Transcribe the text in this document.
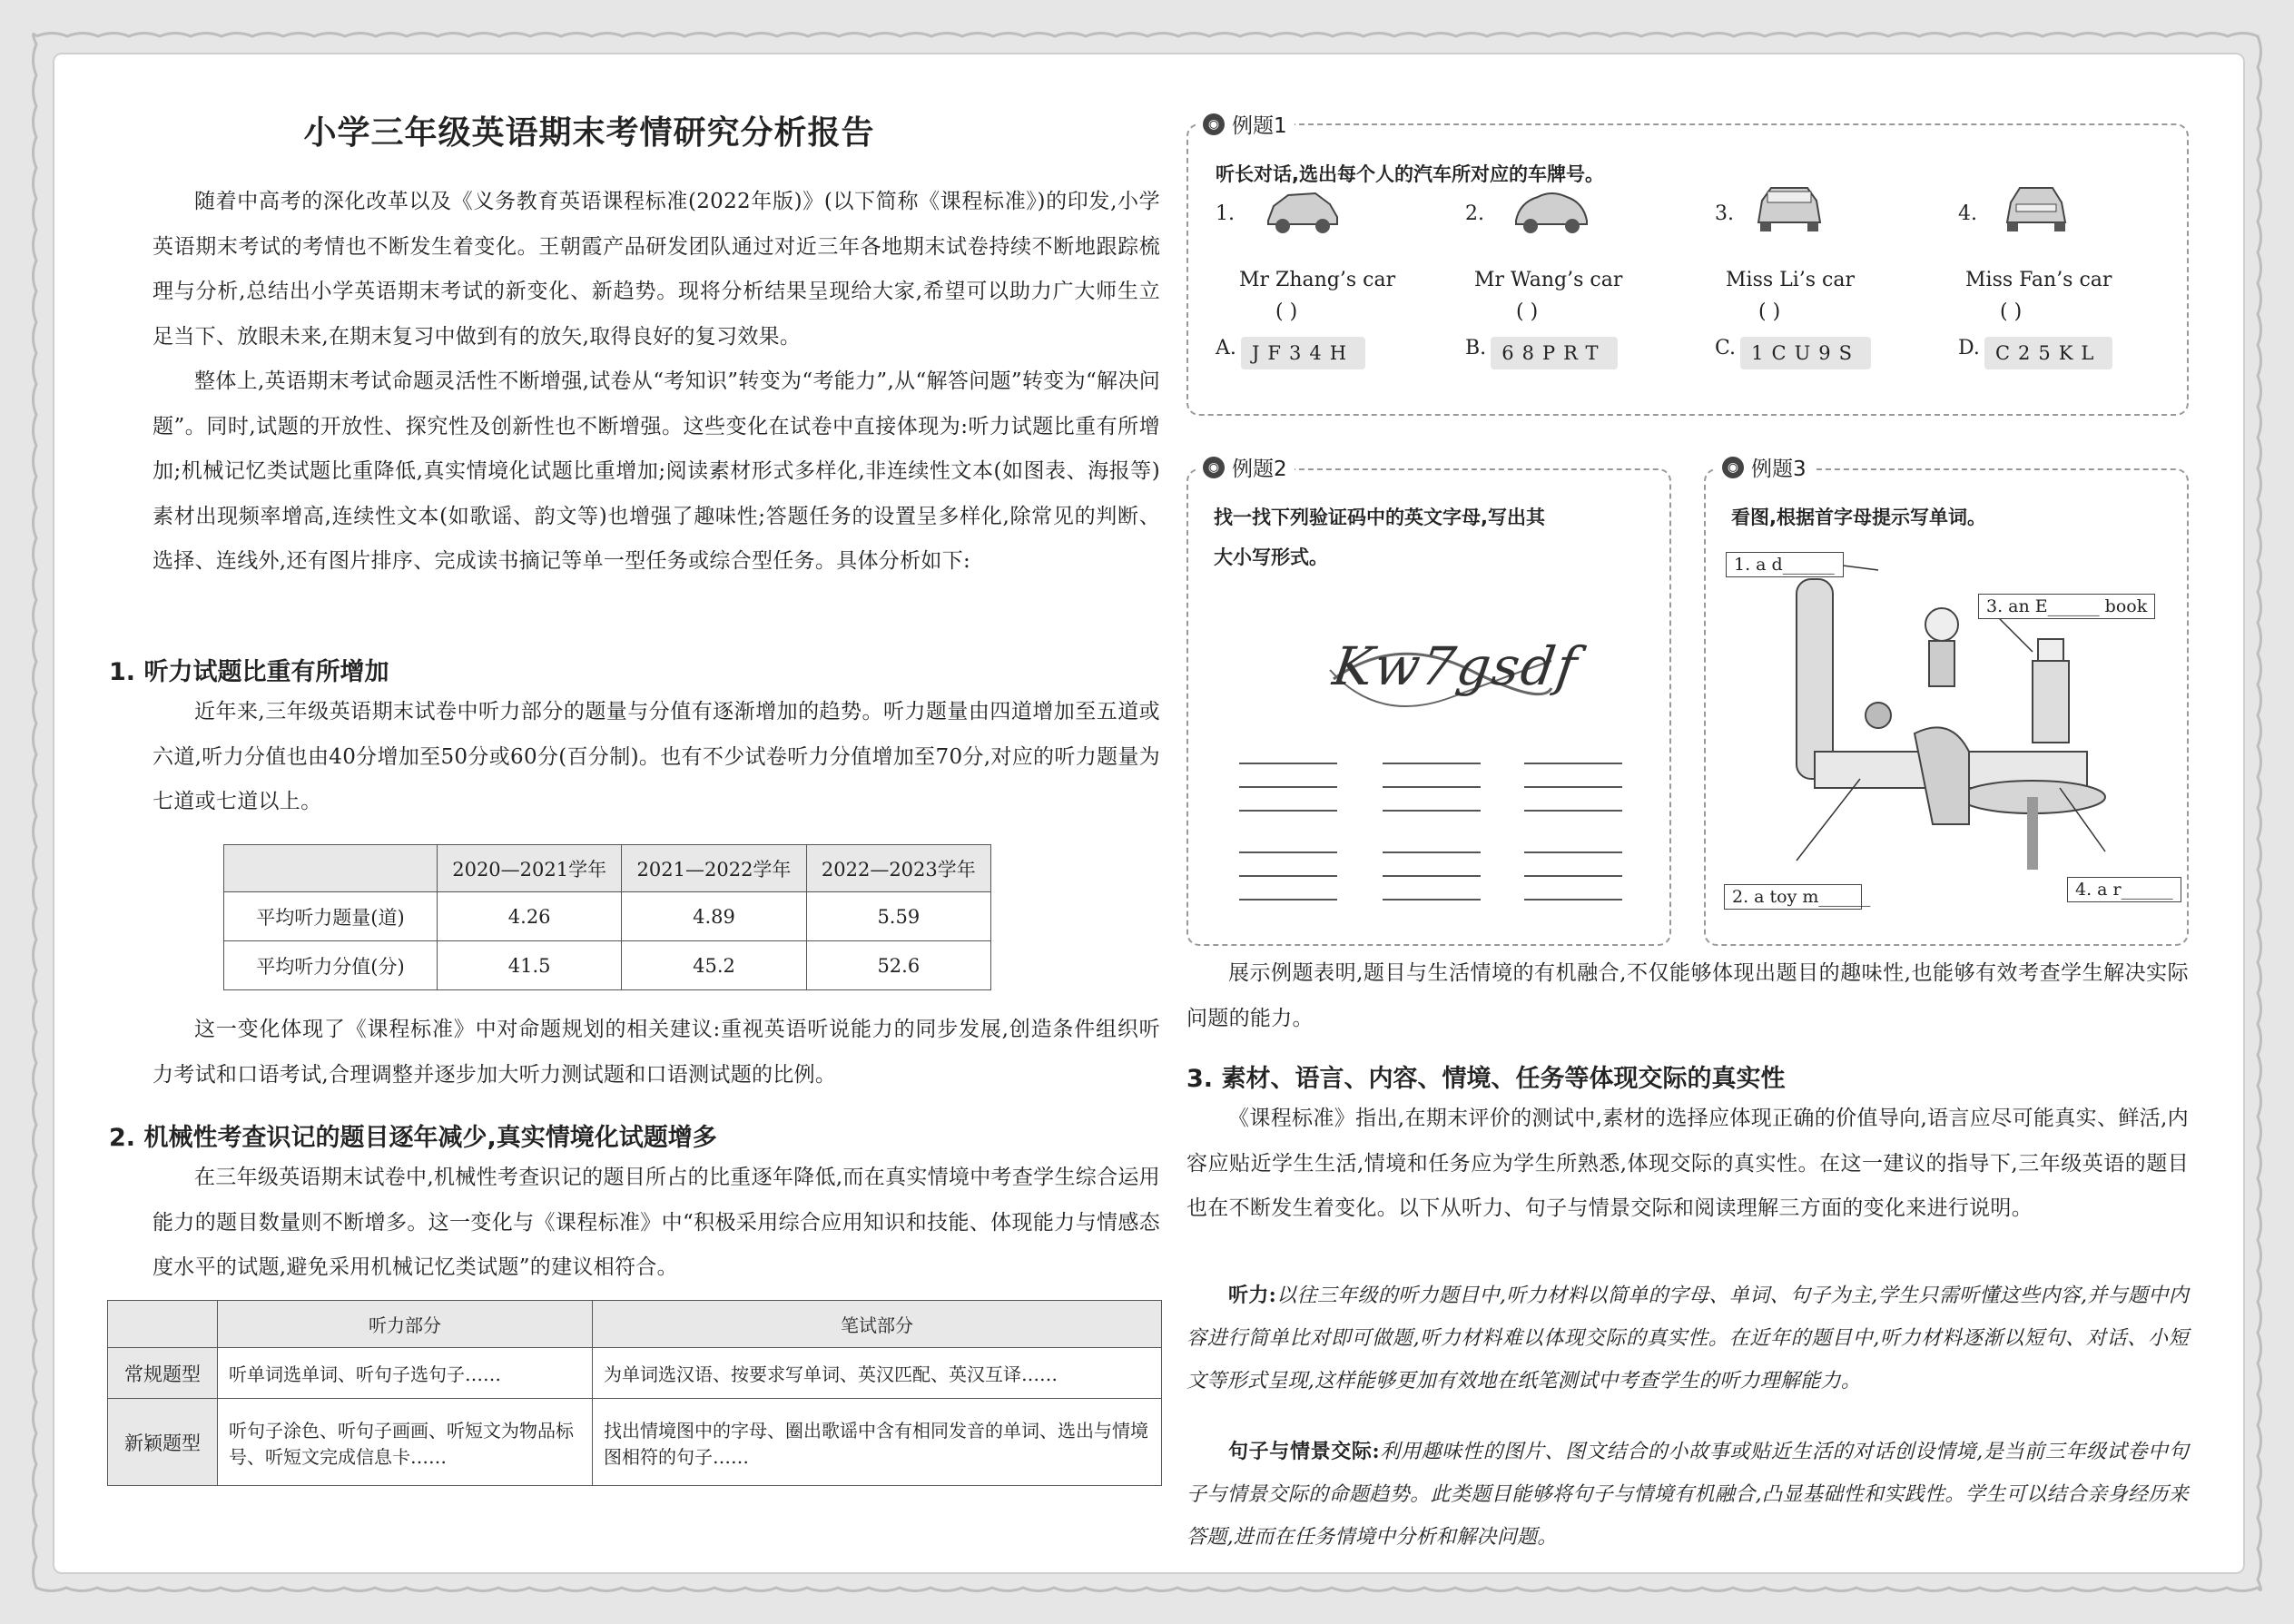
小学三年级英语期末考情研究分析报告

随着中高考的深化改革以及《义务教育英语课程标准(2022年版)》(以下简称《课程标准》)的印发,小学英语期末考试的考情也不断发生着变化。王朝霞产品研发团队通过对近三年各地期末试卷持续不断地跟踪梳理与分析,总结出小学英语期末考试的新变化、新趋势。现将分析结果呈现给大家,希望可以助力广大师生立足当下、放眼未来,在期末复习中做到有的放矢,取得良好的复习效果。

整体上,英语期末考试命题灵活性不断增强,试卷从“考知识”转变为“考能力”,从“解答问题”转变为“解决问题”。同时,试题的开放性、探究性及创新性也不断增强。这些变化在试卷中直接体现为:听力试题比重有所增加;机械记忆类试题比重降低,真实情境化试题比重增加;阅读素材形式多样化,非连续性文本(如图表、海报等)素材出现频率增高,连续性文本(如歌谣、韵文等)也增强了趣味性;答题任务的设置呈多样化,除常见的判断、选择、连线外,还有图片排序、完成读书摘记等单一型任务或综合型任务。具体分析如下:

1. 听力试题比重有所增加

近年来,三年级英语期末试卷中听力部分的题量与分值有逐渐增加的趋势。听力题量由四道增加至五道或六道,听力分值也由40分增加至50分或60分(百分制)。也有不少试卷听力分值增加至70分,对应的听力题量为七道或七道以上。

	2020—2021学年	2021—2022学年	2022—2023学年
平均听力题量(道)	4.26	4.89	5.59
平均听力分值(分)	41.5	45.2	52.6

这一变化体现了《课程标准》中对命题规划的相关建议:重视英语听说能力的同步发展,创造条件组织听力考试和口语考试,合理调整并逐步加大听力测试题和口语测试题的比例。

2. 机械性考查识记的题目逐年减少,真实情境化试题增多

在三年级英语期末试卷中,机械性考查识记的题目所占的比重逐年降低,而在真实情境中考查学生综合运用能力的题目数量则不断增多。这一变化与《课程标准》中“积极采用综合应用知识和技能、体现能力与情感态度水平的试题,避免采用机械记忆类试题”的建议相符合。

	听力部分	笔试部分
常规题型	听单词选单词、听句子选句子……	为单词选汉语、按要求写单词、英汉匹配、英汉互译……
新颖题型	听句子涂色、听句子画画、听短文为物品标号、听短文完成信息卡……	找出情境图中的字母、圈出歌谣中含有相同发音的单词、选出与情境图相符的句子……
听长对话,选出每个人的汽车所对应的车牌号。
1.
Mr Zhang’s car
( )
2.
Mr Wang’s car
( )
3.
Miss Li’s car
( )
4.
Miss Fan’s car
( )
A. JF34H	B. 68PRT	C. 1CU9S	D. C25KL
◉ 例题1
找一找下列验证码中的英文字母,写出其
大小写形式。
Kw7gsdf
◉ 例题2
看图,根据首字母提示写单词。
1. a d______
3. an E______ book
2. a toy m______	4. a r______
◉ 例题3

展示例题表明,题目与生活情境的有机融合,不仅能够体现出题目的趣味性,也能够有效考查学生解决实际问题的能力。

3. 素材、语言、内容、情境、任务等体现交际的真实性

《课程标准》指出,在期末评价的测试中,素材的选择应体现正确的价值导向,语言应尽可能真实、鲜活,内容应贴近学生生活,情境和任务应为学生所熟悉,体现交际的真实性。在这一建议的指导下,三年级英语的题目也在不断发生着变化。以下从听力、句子与情景交际和阅读理解三方面的变化来进行说明。

听力:以往三年级的听力题目中,听力材料以简单的字母、单词、句子为主,学生只需听懂这些内容,并与题中内容进行简单比对即可做题,听力材料难以体现交际的真实性。在近年的题目中,听力材料逐渐以短句、对话、小短文等形式呈现,这样能够更加有效地在纸笔测试中考查学生的听力理解能力。

句子与情景交际:利用趣味性的图片、图文结合的小故事或贴近生活的对话创设情境,是当前三年级试卷中句子与情景交际的命题趋势。此类题目能够将句子与情境有机融合,凸显基础性和实践性。学生可以结合亲身经历来答题,进而在任务情境中分析和解决问题。
